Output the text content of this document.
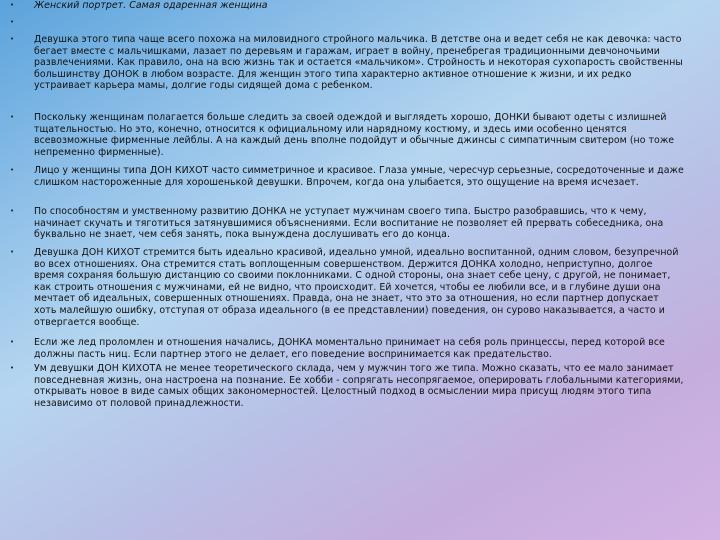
• Женский портрет. Самая одаренная женщина

•
• Девушка этого типа чаще всего похожа на миловидного стройного мальчика. В детстве она и ведет себя не как девочка: часто бегает вместе с мальчишками, лазает по деревьям и гаражам, играет в войну, пренебрегая традиционными девчоночьими развлечениями. Как правило, она на всю жизнь так и остается «мальчиком». Стройность и некоторая сухопарость свойственны большинству ДОНОК в любом возрасте. Для женщин этого типа характерно активное отношение к жизни, и их редко устраивает карьера мамы, долгие годы сидящей дома с ребенком.

• Поскольку женщинам полагается больше следить за своей одеждой и выглядеть хорошо, ДОНКИ бывают одеты с излишней тщательностью. Но это, конечно, относится к официальному или нарядному костюму, и здесь ими особенно ценятся всевозможные фирменные лейблы. А на каждый день вполне подойдут и обычные джинсы с симпатичным свитером (но тоже непременно фирменные).

• Лицо у женщины типа ДОН КИХОТ часто симметричное и красивое. Глаза умные, чересчур серьезные, сосредоточенные и даже слишком настороженные для хорошенькой девушки. Впрочем, когда она улыбается, это ощущение на время исчезает.

• По способностям и умственному развитию ДОНКА не уступает мужчинам своего типа. Быстро разобравшись, что к чему, начинает скучать и тяготиться затянувшимися объяснениями. Если воспитание не позволяет ей прервать собеседника, она буквально не знает, чем себя занять, пока вынуждена дослушивать его до конца.

• Девушка ДОН КИХОТ стремится быть идеально красивой, идеально умной, идеально воспитанной, одним словом, безупречной во всех отношениях. Она стремится стать воплощенным совершенством. Держится ДОНКА холодно, неприступно, долгое время сохраняя большую дистанцию со своими поклонниками. С одной стороны, она знает себе цену, с другой, не понимает, как строить отношения с мужчинами, ей не видно, что происходит. Ей хочется, чтобы ее любили все, и в глубине души она мечтает об идеальных, совершенных отношениях. Правда, она не знает, что это за отношения, но если партнер допускает хоть малейшую ошибку, отступая от образа идеального (в ее представлении) поведения, он сурово наказывается, а часто и отвергается вообще.

• Если же лед проломлен и отношения начались, ДОНКА моментально принимает на себя роль принцессы, перед которой все должны пасть ниц. Если партнер этого не делает, его поведение воспринимается как предательство.

• Ум девушки ДОН КИХОТА не менее теоретического склада, чем у мужчин того же типа. Можно сказать, что ее мало занимает повседневная жизнь, она настроена на познание. Ее хобби - сопрягать несопрягаемое, оперировать глобальными категориями, открывать новое в виде самых общих закономерностей. Целостный подход в осмыслении мира присущ людям этого типа независимо от половой принадлежности.
